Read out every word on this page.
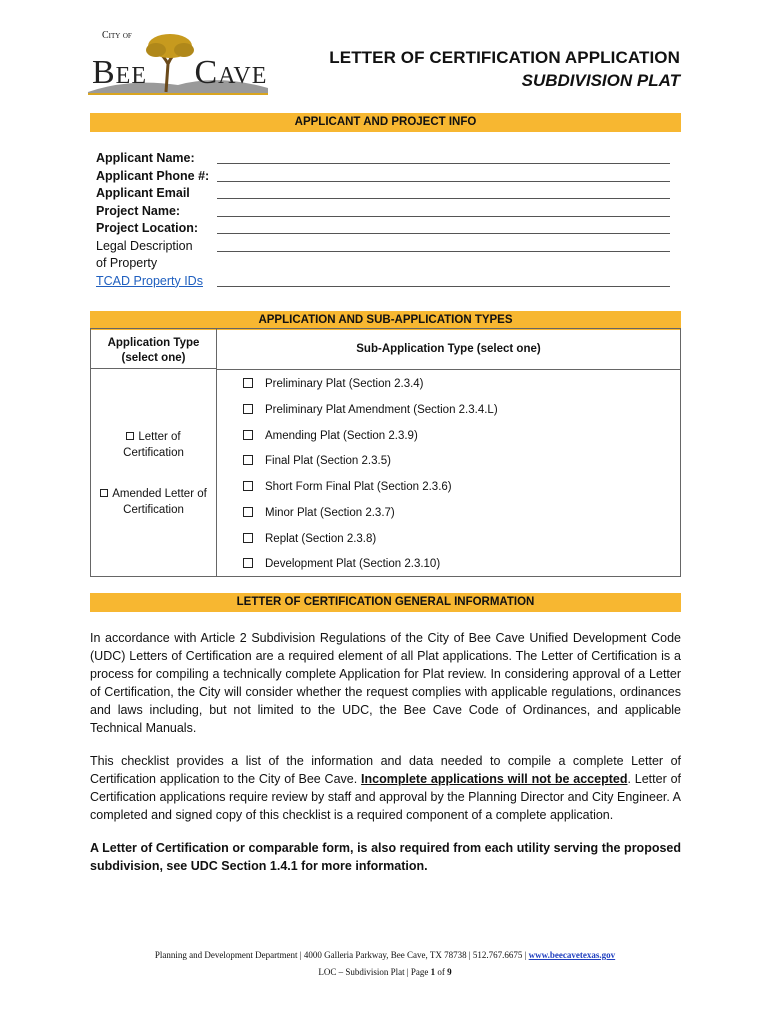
City of
Bee Cave	LETTER OF CERTIFICATION APPLICATION
SUBDIVISION PLAT
APPLICANT AND PROJECT INFO
Applicant Name:
Applicant Phone #:
Applicant Email
Project Name:
Project Location:
Legal Description
of Property
TCAD Property IDs
APPLICATION AND SUB-APPLICATION TYPES
Application Type
(select one)
Sub-Application Type (select one)
Letter of
Certification
Amended Letter of
Certification
Preliminary Plat (Section 2.3.4)
Preliminary Plat Amendment (Section 2.3.4.L)
Amending Plat (Section 2.3.9)
Final Plat (Section 2.3.5)
Short Form Final Plat (Section 2.3.6)
Minor Plat (Section 2.3.7)
Replat (Section 2.3.8)
Development Plat (Section 2.3.10)
LETTER OF CERTIFICATION GENERAL INFORMATION
In accordance with Article 2 Subdivision Regulations of the City of Bee Cave Unified Development Code (UDC) Letters of Certification are a required element of all Plat applications. The Letter of Certification is a process for compiling a technically complete Application for Plat review. In considering approval of a Letter of Certification, the City will consider whether the request complies with applicable regulations, ordinances and laws including, but not limited to the UDC, the Bee Cave Code of Ordinances, and applicable Technical Manuals.
This checklist provides a list of the information and data needed to compile a complete Letter of Certification application to the City of Bee Cave. Incomplete applications will not be accepted. Letter of Certification applications require review by staff and approval by the Planning Director and City Engineer. A completed and signed copy of this checklist is a required component of a complete application.
A Letter of Certification or comparable form, is also required from each utility serving the proposed subdivision, see UDC Section 1.4.1 for more information.
Planning and Development Department | 4000 Galleria Parkway, Bee Cave, TX 78738 | 512.767.6675 | www.beecavetexas.gov
LOC – Subdivision Plat | Page 1 of 9
